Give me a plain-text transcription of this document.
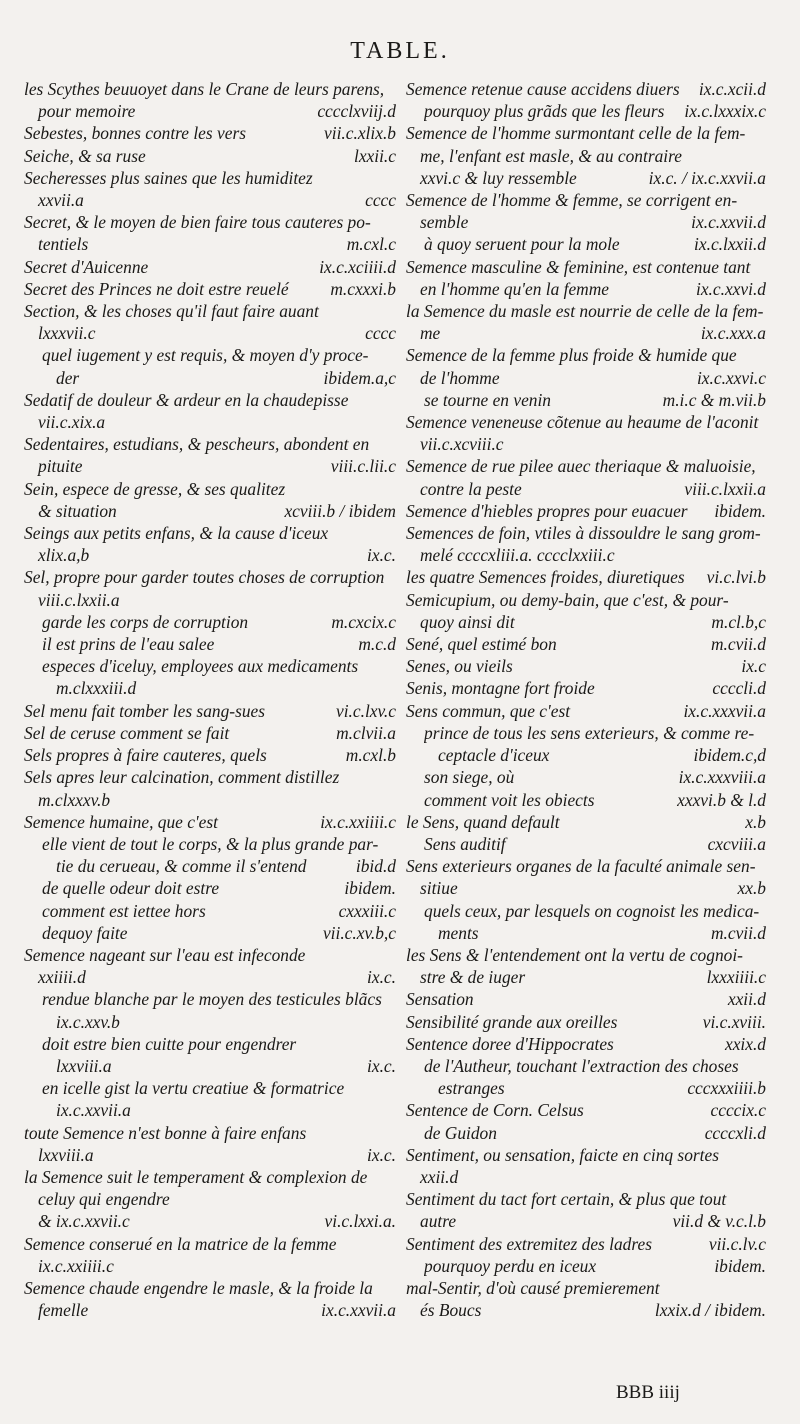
TABLE.
les Scythes beuuoyet dans le Crane de leurs parens,
cccclxviij.d
pour memoire
vii.c.xlix.b
Sebestes, bonnes contre les vers
lxxii.c
Seiche, & sa ruse
Secheresses plus saines que les humiditez
cccc
xxvii.a
Secret, & le moyen de bien faire tous cauteres po-
m.cxl.c
tentiels
ix.c.xciiii.d
Secret d'Auicenne
m.cxxxi.b
Secret des Princes ne doit estre reuelé
Section, & les choses qu'il faut faire auant
cccc
lxxxvii.c
quel iugement y est requis, & moyen d'y proce-
ibidem.a,c
der
Sedatif de douleur & ardeur en la chaudepisse
vii.c.xix.a
Sedentaires, estudians, & pescheurs, abondent en
viii.c.lii.c
pituite
Sein, espece de gresse, & ses qualitez
xcviii.b / ibidem
& situation
Seings aux petits enfans, & la cause d'iceux
ix.c.
xlix.a,b
Sel, propre pour garder toutes choses de corruption
viii.c.lxxii.a
m.cxcix.c
garde les corps de corruption
m.c.d
il est prins de l'eau salee
especes d'iceluy, employees aux medicaments
m.clxxxiii.d
vi.c.lxv.c
Sel menu fait tomber les sang-sues
m.clvii.a
Sel de ceruse comment se fait
m.cxl.b
Sels propres à faire cauteres, quels
Sels apres leur calcination, comment distillez
m.clxxxv.b
ix.c.xxiiii.c
Semence humaine, que c'est
elle vient de tout le corps, & la plus grande par-
ibid.d
tie du cerueau, & comme il s'entend
ibidem.
de quelle odeur doit estre
cxxxiii.c
comment est iettee hors
vii.c.xv.b,c
dequoy faite
Semence nageant sur l'eau est infeconde
ix.c.
xxiiii.d
rendue blanche par le moyen des testicules blãcs
ix.c.xxv.b
doit estre bien cuitte pour engendrer
ix.c.
lxxviii.a
en icelle gist la vertu creatiue & formatrice
ix.c.xxvii.a
toute Semence n'est bonne à faire enfans
ix.c.
lxxviii.a
la Semence suit le temperament & complexion de
celuy qui engendre
vi.c.lxxi.a.
& ix.c.xxvii.c
Semence conserué en la matrice de la femme
ix.c.xxiiii.c
Semence chaude engendre le masle, & la froide la
ix.c.xxvii.a
femelle
ix.c.xcii.d
Semence retenue cause accidens diuers
ix.c.lxxxix.c
pourquoy plus grãds que les fleurs
Semence de l'homme surmontant celle de la fem-
me, l'enfant est masle, & au contraire
ix.c. / ix.c.xxvii.a
xxvi.c & luy ressemble
Semence de l'homme & femme, se corrigent en-
ix.c.xxvii.d
semble
ix.c.lxxii.d
à quoy seruent pour la mole
Semence masculine & feminine, est contenue tant
ix.c.xxvi.d
en l'homme qu'en la femme
la Semence du masle est nourrie de celle de la fem-
ix.c.xxx.a
me
Semence de la femme plus froide & humide que
ix.c.xxvi.c
de l'homme
m.i.c & m.vii.b
se tourne en venin
Semence veneneuse cõtenue au heaume de l'aconit
vii.c.xcviii.c
Semence de rue pilee auec theriaque & maluoisie,
viii.c.lxxii.a
contre la peste
ibidem.
Semence d'hiebles propres pour euacuer
Semences de foin, vtiles à dissouldre le sang grom-
melé ccccxliii.a. cccclxxiii.c
vi.c.lvi.b
les quatre Semences froides, diuretiques
Semicupium, ou demy-bain, que c'est, & pour-
m.cl.b,c
quoy ainsi dit
m.cvii.d
Sené, quel estimé bon
ix.c
Senes, ou vieils
ccccli.d
Senis, montagne fort froide
ix.c.xxxvii.a
Sens commun, que c'est
prince de tous les sens exterieurs, & comme re-
ibidem.c,d
ceptacle d'iceux
ix.c.xxxviii.a
son siege, où
xxxvi.b & l.d
comment voit les obiects
x.b
le Sens, quand default
cxcviii.a
Sens auditif
Sens exterieurs organes de la faculté animale sen-
xx.b
sitiue
quels ceux, par lesquels on cognoist les medica-
m.cvii.d
ments
les Sens & l'entendement ont la vertu de cognoi-
lxxxiiii.c
stre & de iuger
xxii.d
Sensation
vi.c.xviii.
Sensibilité grande aux oreilles
xxix.d
Sentence doree d'Hippocrates
de l'Autheur, touchant l'extraction des choses
cccxxxiiii.b
estranges
ccccix.c
Sentence de Corn. Celsus
ccccxli.d
de Guidon
Sentiment, ou sensation, faicte en cinq sortes
xxii.d
Sentiment du tact fort certain, & plus que tout
vii.d & v.c.l.b
autre
vii.c.lv.c
Sentiment des extremitez des ladres
ibidem.
pourquoy perdu en iceux
mal-Sentir, d'où causé premierement
lxxix.d / ibidem.
és Boucs
BBB iiij
